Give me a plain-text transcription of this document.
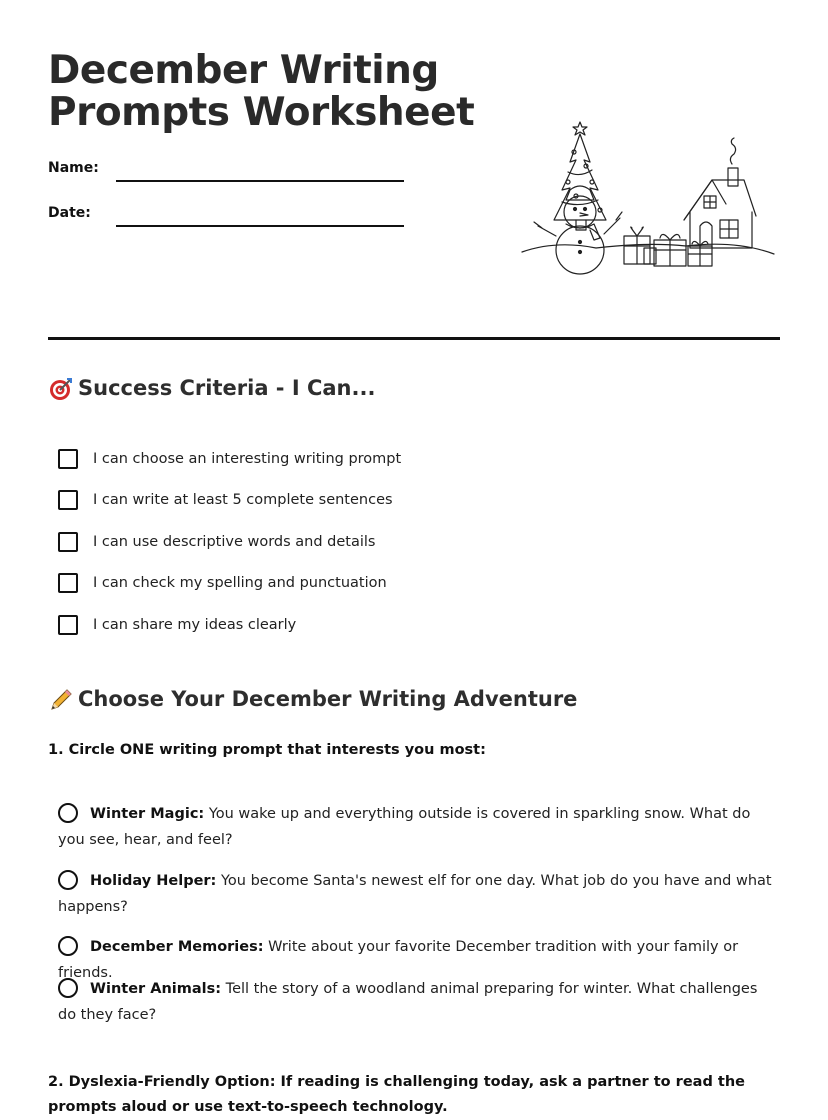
December Writing
Prompts Worksheet
Name:
Date:
Success Criteria - I Can...
I can choose an interesting writing prompt
I can write at least 5 complete sentences
I can use descriptive words and details
I can check my spelling and punctuation
I can share my ideas clearly
Choose Your December Writing Adventure

1. Circle ONE writing prompt that interests you most:

Winter Magic: You wake up and everything outside is covered in sparkling snow. What do you see, hear, and feel?

Holiday Helper: You become Santa's newest elf for one day. What job do you have and what happens?

December Memories: Write about your favorite December tradition with your family or friends.

Winter Animals: Tell the story of a woodland animal preparing for winter. What challenges do they face?

2. Dyslexia-Friendly Option: If reading is challenging today, ask a partner to read the prompts aloud or use text-to-speech technology.
